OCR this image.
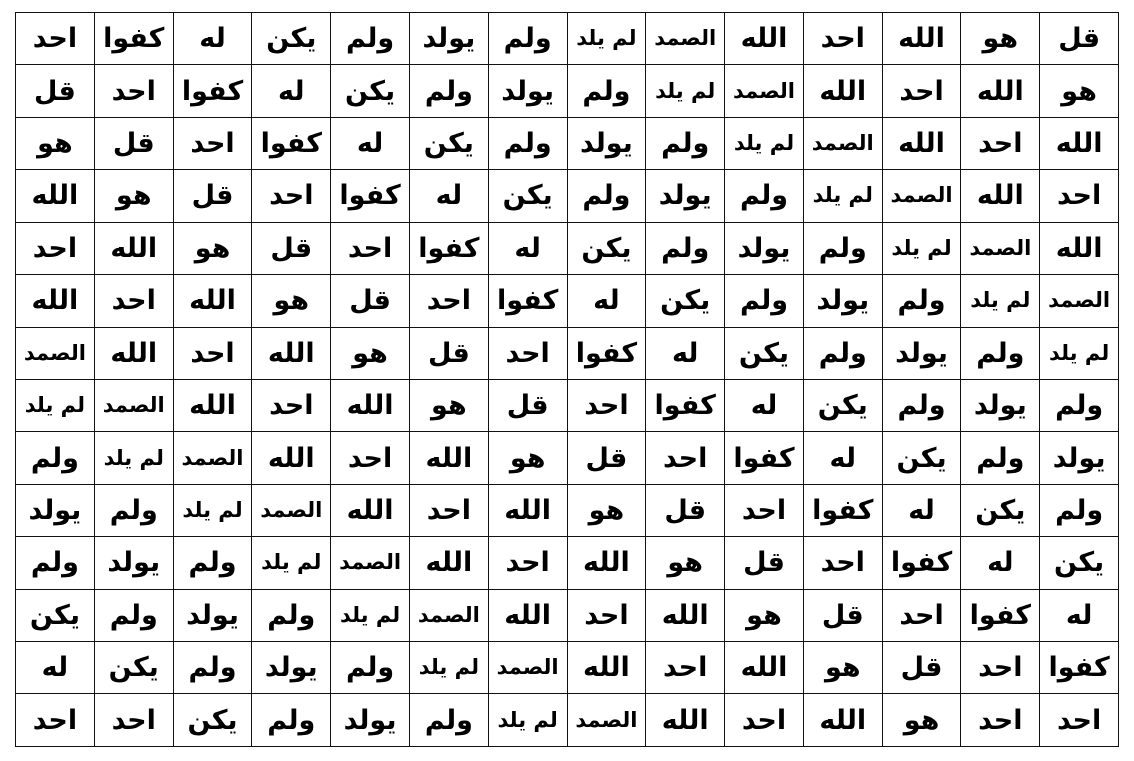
قل	هو	الله	احد	الله	الصمد	لم يلد	ولم	يولد	ولم	يكن	له	كفوا	احد
هو	الله	احد	الله	الصمد	لم يلد	ولم	يولد	ولم	يكن	له	كفوا	احد	قل
الله	احد	الله	الصمد	لم يلد	ولم	يولد	ولم	يكن	له	كفوا	احد	قل	هو
احد	الله	الصمد	لم يلد	ولم	يولد	ولم	يكن	له	كفوا	احد	قل	هو	الله
الله	الصمد	لم يلد	ولم	يولد	ولم	يكن	له	كفوا	احد	قل	هو	الله	احد
الصمد	لم يلد	ولم	يولد	ولم	يكن	له	كفوا	احد	قل	هو	الله	احد	الله
لم يلد	ولم	يولد	ولم	يكن	له	كفوا	احد	قل	هو	الله	احد	الله	الصمد
ولم	يولد	ولم	يكن	له	كفوا	احد	قل	هو	الله	احد	الله	الصمد	لم يلد
يولد	ولم	يكن	له	كفوا	احد	قل	هو	الله	احد	الله	الصمد	لم يلد	ولم
ولم	يكن	له	كفوا	احد	قل	هو	الله	احد	الله	الصمد	لم يلد	ولم	يولد
يكن	له	كفوا	احد	قل	هو	الله	احد	الله	الصمد	لم يلد	ولم	يولد	ولم
له	كفوا	احد	قل	هو	الله	احد	الله	الصمد	لم يلد	ولم	يولد	ولم	يكن
كفوا	احد	قل	هو	الله	احد	الله	الصمد	لم يلد	ولم	يولد	ولم	يكن	له
احد	احد	هو	الله	احد	الله	الصمد	لم يلد	ولم	يولد	ولم	يكن	احد	احد
